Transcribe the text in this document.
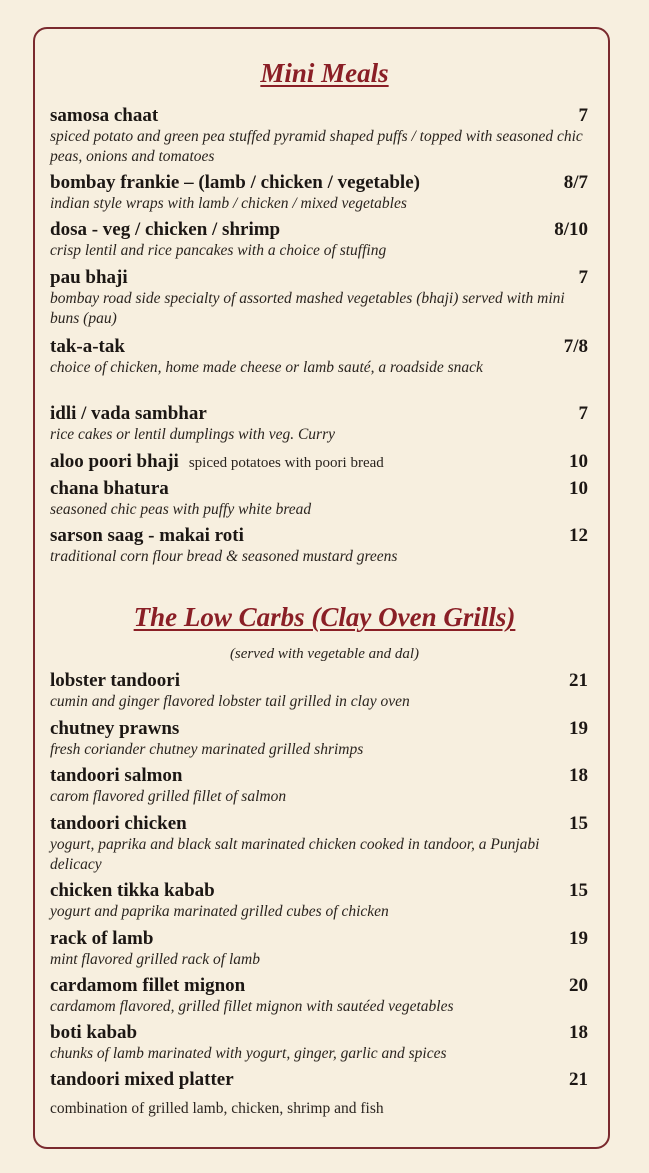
Mini Meals
samosa chaat	7
spiced potato and green pea stuffed pyramid shaped puffs / topped with seasoned chic peas, onions and tomatoes
bombay frankie – (lamb / chicken / vegetable)	8/7
indian style wraps with lamb / chicken / mixed vegetables
dosa - veg / chicken / shrimp	8/10
crisp lentil and rice pancakes with a choice of stuffing
pau bhaji	7
bombay road side specialty of assorted mashed vegetables (bhaji) served with mini buns (pau)
tak-a-tak	7/8
choice of chicken, home made cheese or lamb sauté, a roadside snack
idli / vada sambhar	7
rice cakes or lentil dumplings with veg. Curry
aloo poori bhaji spiced potatoes with poori bread	10
chana bhatura	10
seasoned chic peas with puffy white bread
sarson saag - makai roti	12
traditional corn flour bread & seasoned mustard greens
The Low Carbs (Clay Oven Grills)
(served with vegetable and dal)
lobster tandoori	21
cumin and ginger flavored lobster tail grilled in clay oven
chutney prawns	19
fresh coriander chutney marinated grilled shrimps
tandoori salmon	18
carom flavored grilled fillet of salmon
tandoori chicken	15
yogurt, paprika and black salt marinated chicken cooked in tandoor, a Punjabi delicacy
chicken tikka kabab	15
yogurt and paprika marinated grilled cubes of chicken
rack of lamb	19
mint flavored grilled rack of lamb
cardamom fillet mignon	20
cardamom flavored, grilled fillet mignon with sautéed vegetables
boti kabab	18
chunks of lamb marinated with yogurt, ginger, garlic and spices
tandoori mixed platter	21
combination of grilled lamb, chicken, shrimp and fish
